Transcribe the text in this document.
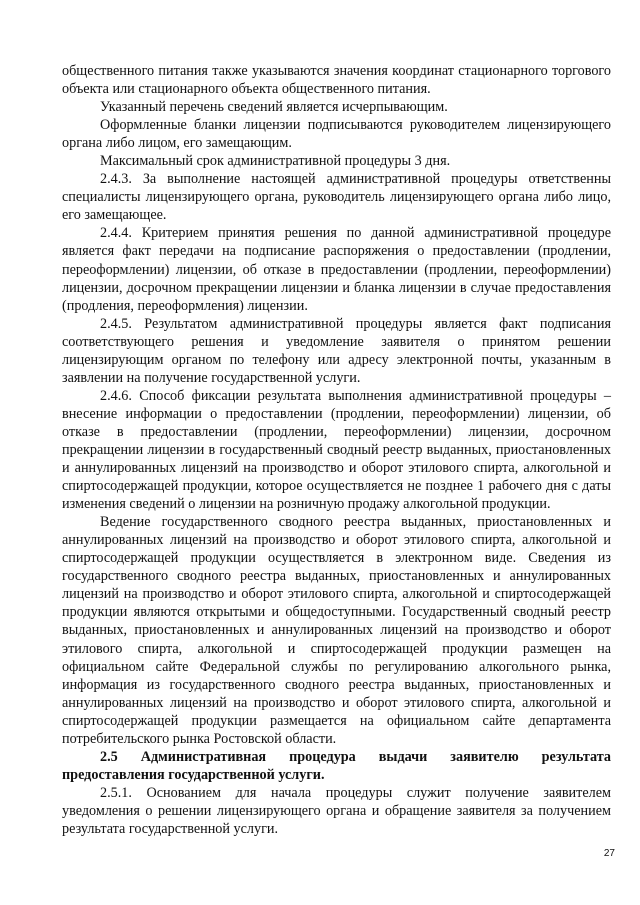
общественного питания также указываются значения координат стационарного торгового объекта или стационарного объекта общественного питания.

Указанный перечень сведений является исчерпывающим.

Оформленные бланки лицензии подписываются руководителем лицензирующего органа либо лицом, его замещающим.

Максимальный срок административной процедуры 3 дня.

2.4.3. За выполнение настоящей административной процедуры ответственны специалисты лицензирующего органа, руководитель лицензирующего органа либо лицо, его замещающее.

2.4.4. Критерием принятия решения по данной административной процедуре является факт передачи на подписание распоряжения о предоставлении (продлении, переоформлении) лицензии, об отказе в предоставлении (продлении, переоформлении) лицензии, досрочном прекращении лицензии и бланка лицензии в случае предоставления (продления, переоформления) лицензии.

2.4.5. Результатом административной процедуры является факт подписания соответствующего решения и уведомление заявителя о принятом решении лицензирующим органом по телефону или адресу электронной почты, указанным в заявлении на получение государственной услуги.

2.4.6. Способ фиксации результата выполнения административной процедуры – внесение информации о предоставлении (продлении, переоформлении) лицензии, об отказе в предоставлении (продлении, переоформлении) лицензии, досрочном прекращении лицензии в государственный сводный реестр выданных, приостановленных и аннулированных лицензий на производство и оборот этилового спирта, алкогольной и спиртосодержащей продукции, которое осуществляется не позднее 1 рабочего дня с даты изменения сведений о лицензии на розничную продажу алкогольной продукции.

Ведение государственного сводного реестра выданных, приостановленных и аннулированных лицензий на производство и оборот этилового спирта, алкогольной и спиртосодержащей продукции осуществляется в электронном виде. Сведения из государственного сводного реестра выданных, приостановленных и аннулированных лицензий на производство и оборот этилового спирта, алкогольной и спиртосодержащей продукции являются открытыми и общедоступными. Государственный сводный реестр выданных, приостановленных и аннулированных лицензий на производство и оборот этилового спирта, алкогольной и спиртосодержащей продукции размещен на официальном сайте Федеральной службы по регулированию алкогольного рынка, информация из государственного сводного реестра выданных, приостановленных и аннулированных лицензий на производство и оборот этилового спирта, алкогольной и спиртосодержащей продукции размещается на официальном сайте департамента потребительского рынка Ростовской области.

2.5 Административная процедура выдачи заявителю результата предоставления государственной услуги.

2.5.1. Основанием для начала процедуры служит получение заявителем уведомления о решении лицензирующего органа и обращение заявителя за получением результата государственной услуги.

27
